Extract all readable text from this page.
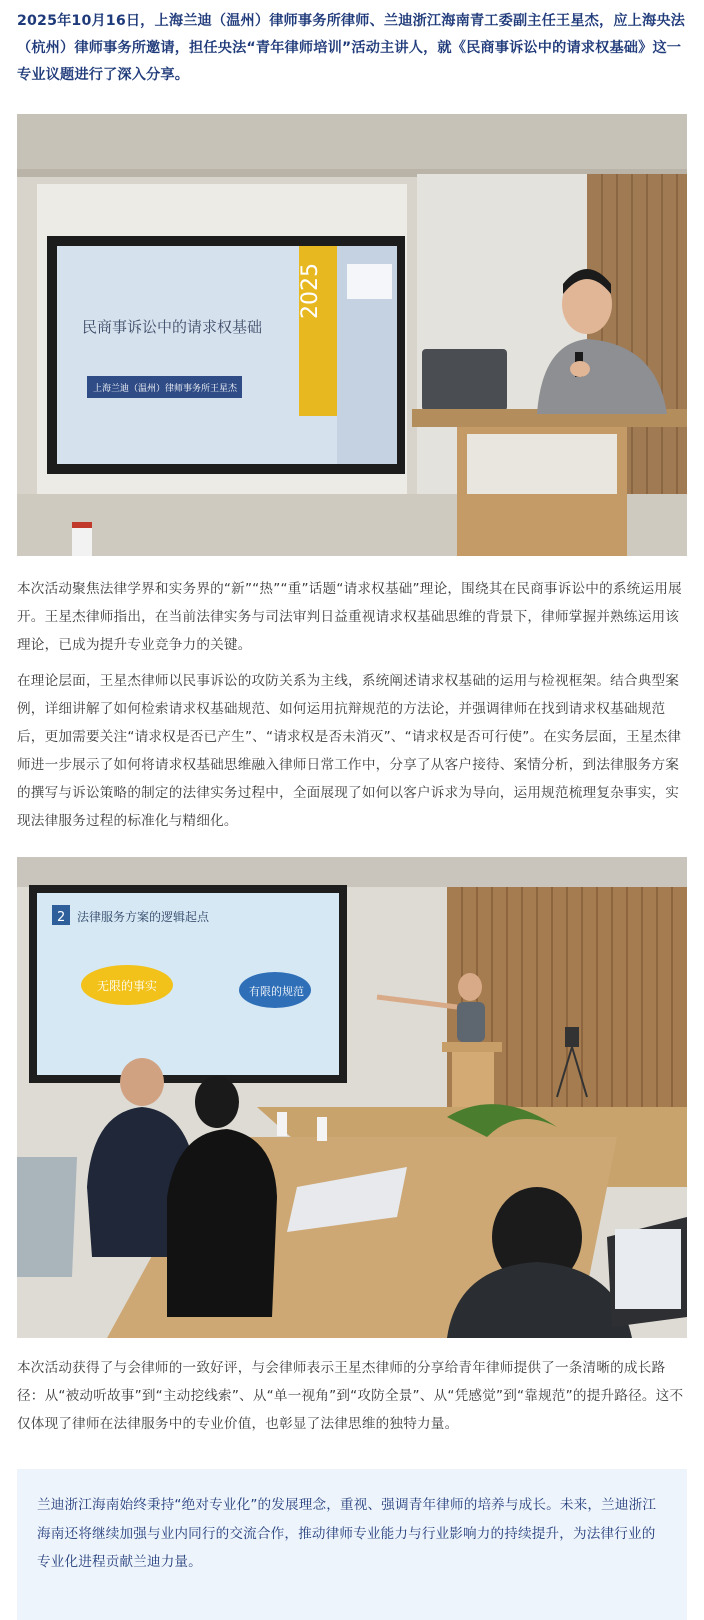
2025年10月16日，上海兰迪（温州）律师事务所律师、兰迪浙江海南青工委副主任王星杰，应上海央法（杭州）律师事务所邀请，担任央法“青年律师培训”活动主讲人，就《民商事诉讼中的请求权基础》这一专业议题进行了深入分享。

2025
民商事诉讼中的请求权基础
上海兰迪（温州）律师事务所 王星杰

本次活动聚焦法律学界和实务界的“新”“热”“重”话题“请求权基础”理论，围绕其在民商事诉讼中的系统运用展开。王星杰律师指出，在当前法律实务与司法审判日益重视请求权基础思维的背景下，律师掌握并熟练运用该理论，已成为提升专业竞争力的关键。

在理论层面，王星杰律师以民事诉讼的攻防关系为主线，系统阐述请求权基础的运用与检视框架。结合典型案例，详细讲解了如何检索请求权基础规范、如何运用抗辩规范的方法论，并强调律师在找到请求权基础规范后，更加需要关注“请求权是否已产生”、“请求权是否未消灭”、“请求权是否可行使”。在实务层面，王星杰律师进一步展示了如何将请求权基础思维融入律师日常工作中，分享了从客户接待、案情分析，到法律服务方案的撰写与诉讼策略的制定的法律实务过程中，全面展现了如何以客户诉求为导向，运用规范梳理复杂事实，实现法律服务过程的标准化与精细化。

2 法律服务方案的逻辑起点
无限的事实	有限的规范

本次活动获得了与会律师的一致好评，与会律师表示王星杰律师的分享给青年律师提供了一条清晰的成长路径：从“被动听故事”到“主动挖线索”、从“单一视角”到“攻防全景”、从“凭感觉”到“靠规范”的提升路径。这不仅体现了律师在法律服务中的专业价值，也彰显了法律思维的独特力量。

兰迪浙江海南始终秉持“绝对专业化”的发展理念，重视、强调青年律师的培养与成长。未来，兰迪浙江海南还将继续加强与业内同行的交流合作，推动律师专业能力与行业影响力的持续提升，为法律行业的专业化进程贡献兰迪力量。
